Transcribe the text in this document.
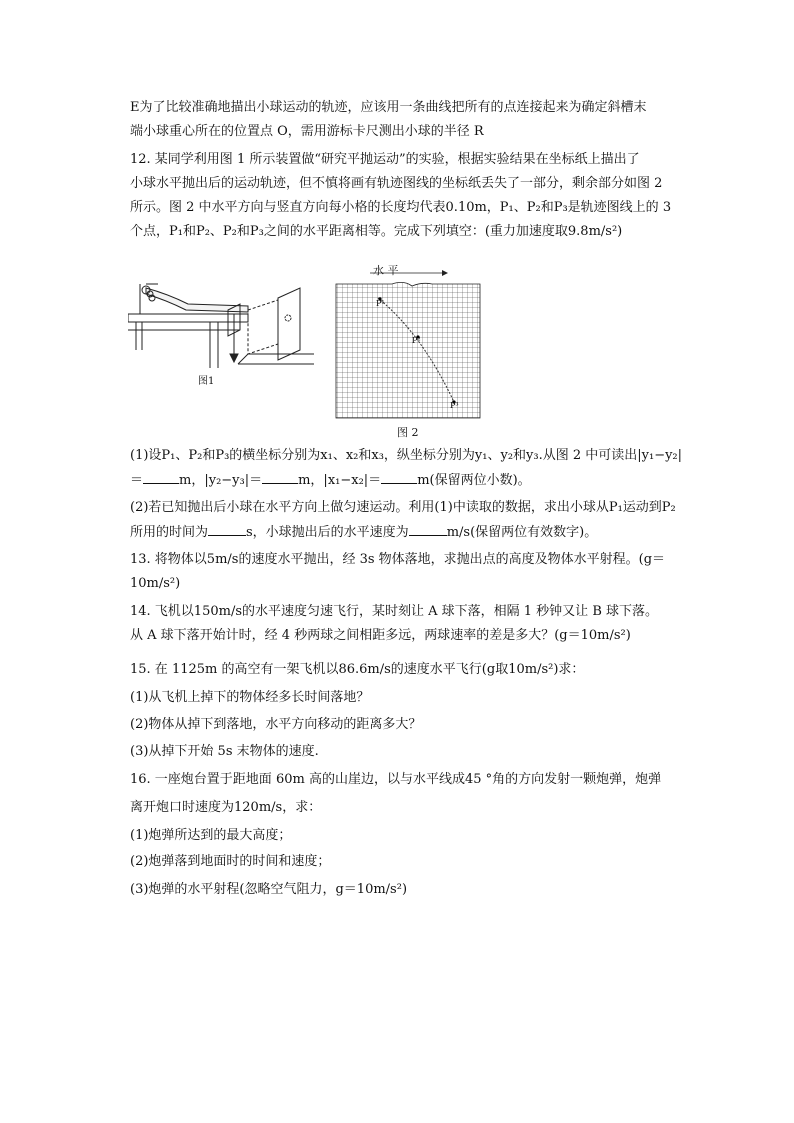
E为了比较准确地描出小球运动的轨迹，应该用一条曲线把所有的点连接起来为确定斜槽末
端小球重心所在的位置点 O，需用游标卡尺测出小球的半径 R
12. 某同学利用图 1 所示装置做“研究平抛运动”的实验，根据实验结果在坐标纸上描出了
小球水平抛出后的运动轨迹，但不慎将画有轨迹图线的坐标纸丢失了一部分，剩余部分如图 2
所示。图 2 中水平方向与竖直方向每小格的长度均代表0.10m，P₁、P₂和P₃是轨迹图线上的 3
个点，P₁和P₂、P₂和P₃之间的水平距离相等。完成下列填空：(重力加速度取9.8m/s²)
图1
水 平
P¹
P²
P³
图 2
(1)设P₁、P₂和P₃的横坐标分别为x₁、x₂和x₃，纵坐标分别为y₁、y₂和y₃.从图 2 中可读出|y₁−y₂|
＝	m，|y₂−y₃|＝	m，|x₁−x₂|＝	m(保留两位小数)。
(2)若已知抛出后小球在水平方向上做匀速运动。利用(1)中读取的数据，求出小球从P₁运动到P₂
所用的时间为	s，小球抛出后的水平速度为	m/s(保留两位有效数字)。
13. 将物体以5m/s的速度水平抛出，经 3s 物体落地，求抛出点的高度及物体水平射程。(g＝
10m/s²)
14. 飞机以150m/s的水平速度匀速飞行，某时刻让 A 球下落，相隔 1 秒钟又让 B 球下落。
从 A 球下落开始计时，经 4 秒两球之间相距多远，两球速率的差是多大？(g＝10m/s²)
15. 在 1125m 的高空有一架飞机以86.6m/s的速度水平飞行(g取10m/s²)求：
(1)从飞机上掉下的物体经多长时间落地？
(2)物体从掉下到落地，水平方向移动的距离多大？
(3)从掉下开始 5s 末物体的速度.
16. 一座炮台置于距地面 60m 高的山崖边，以与水平线成45 °角的方向发射一颗炮弹，炮弹
离开炮口时速度为120m/s，求：
(1)炮弹所达到的最大高度；
(2)炮弹落到地面时的时间和速度；
(3)炮弹的水平射程(忽略空气阻力，g＝10m/s²)
